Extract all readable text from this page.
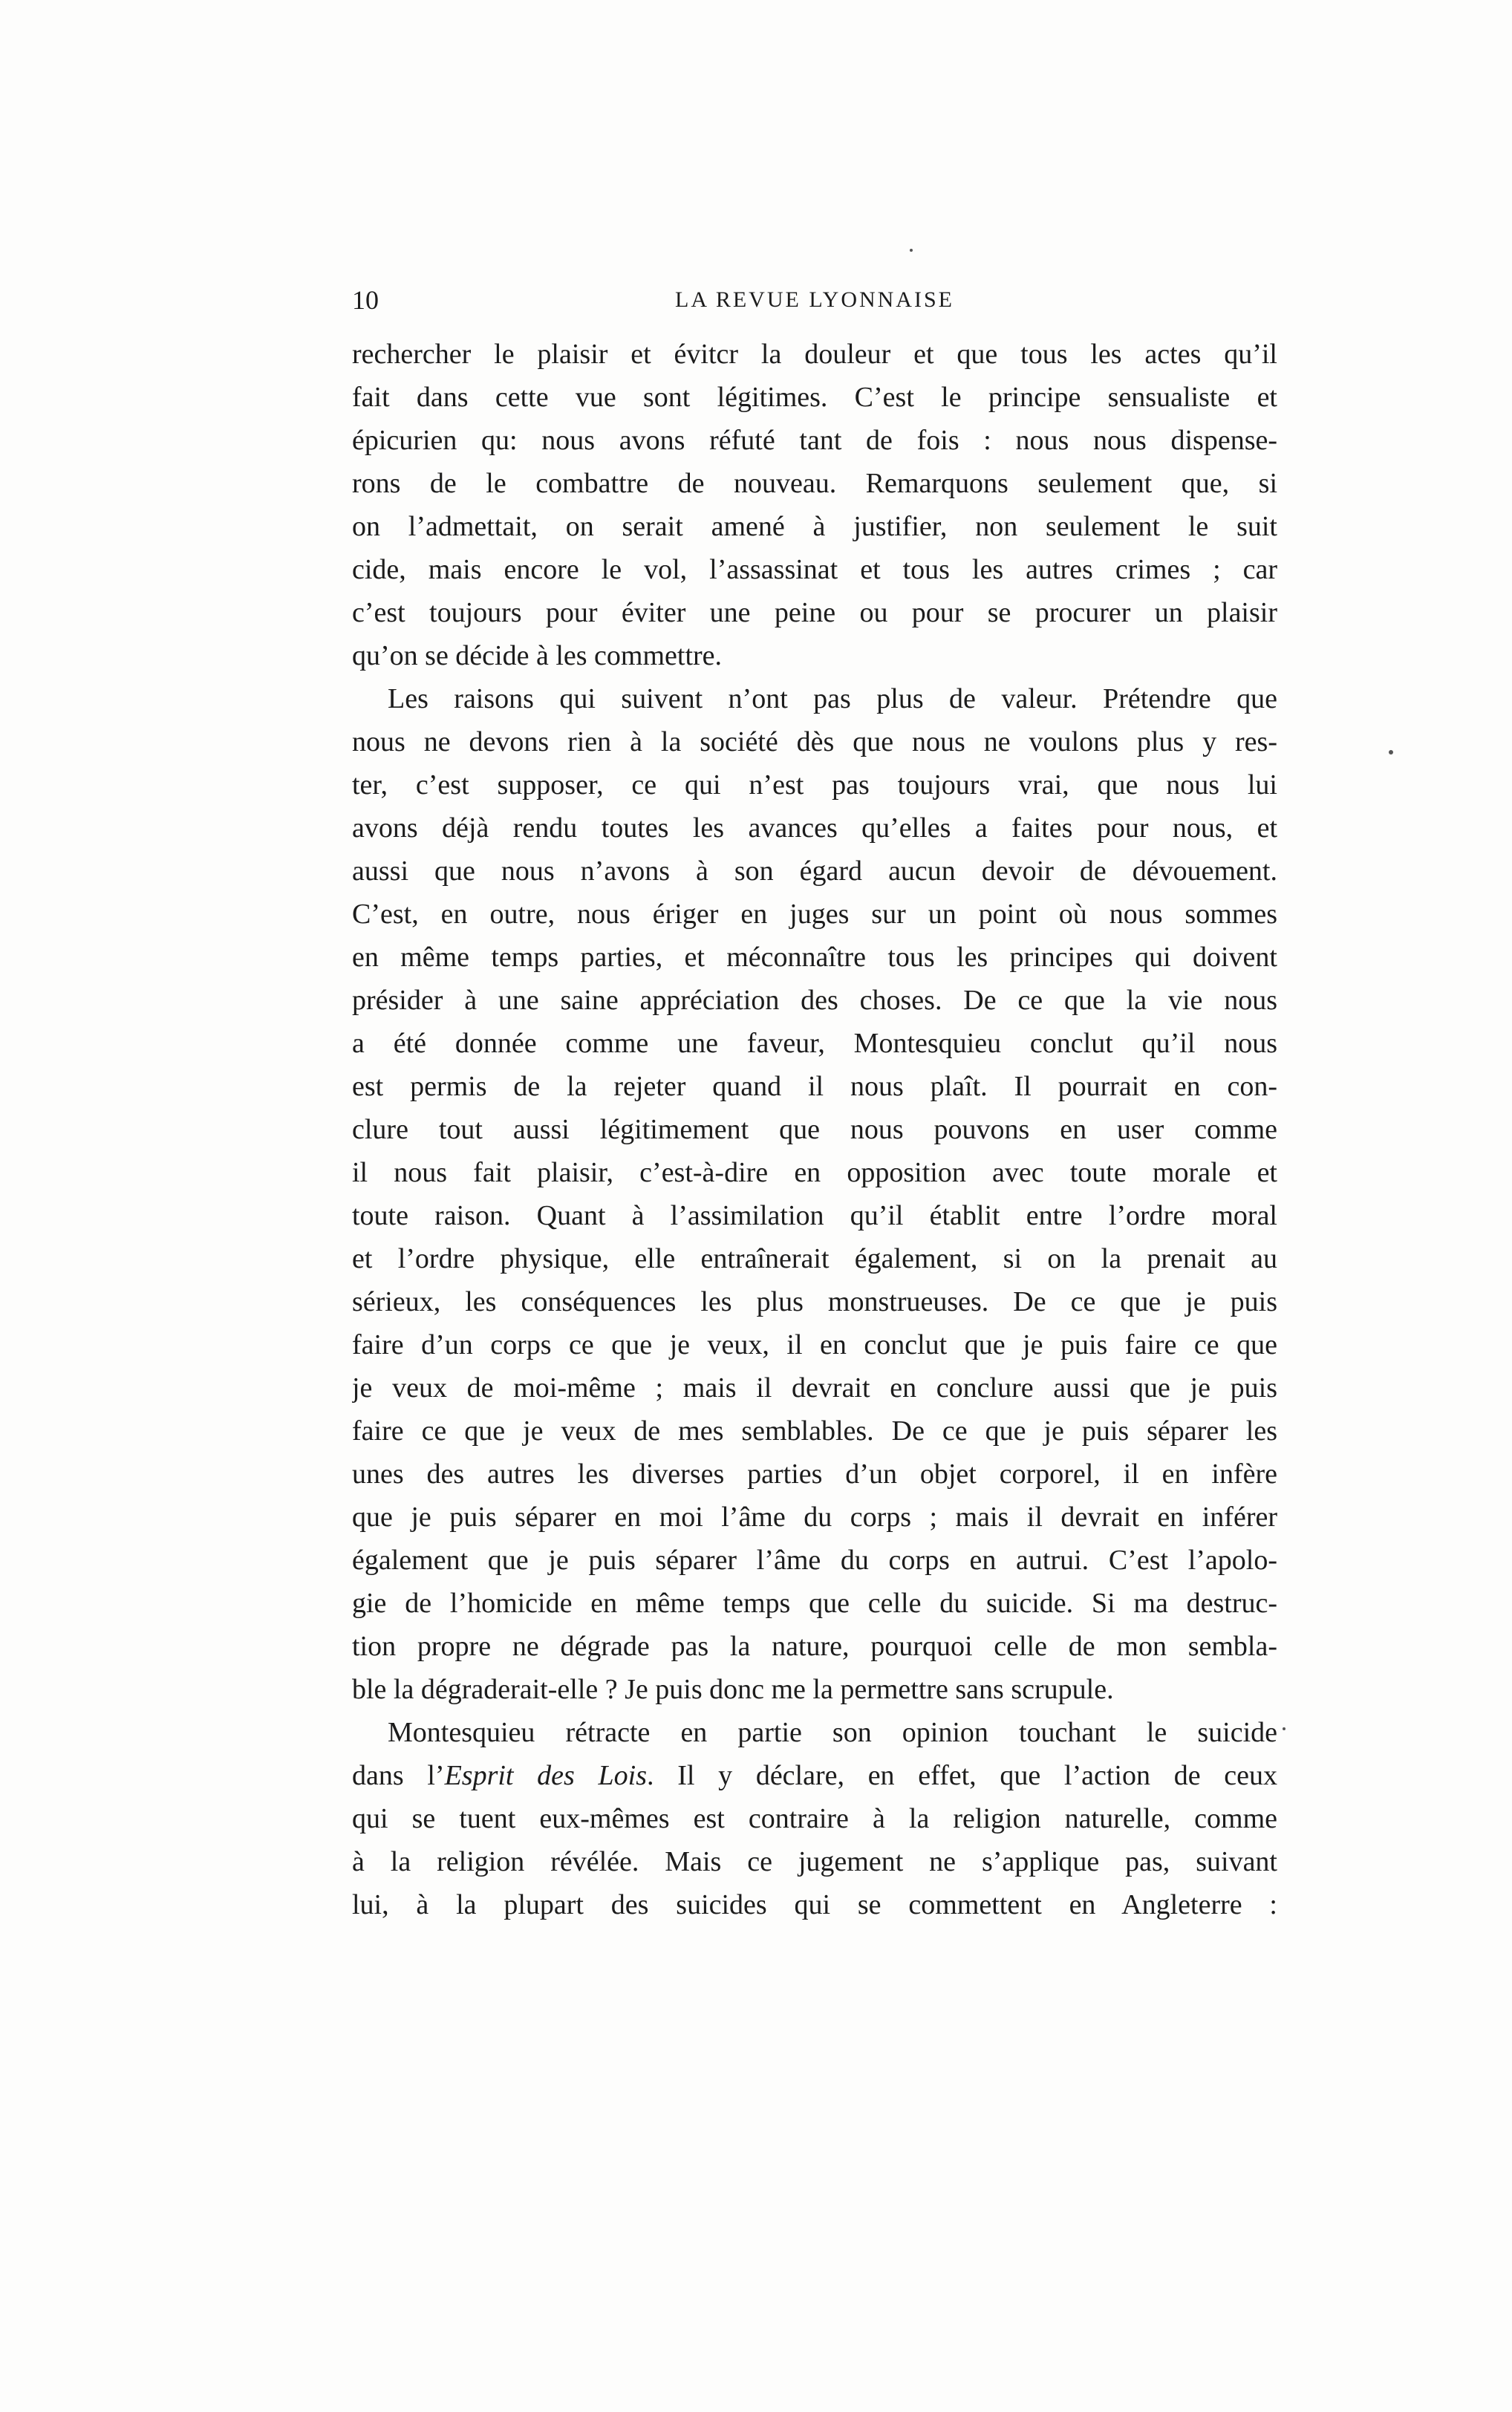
10	LA REVUE LYONNAISE
rechercher le plaisir et évitcr la douleur et que tous les actes qu’il
fait dans cette vue sont légitimes. C’est le principe sensualiste et
épicurien qu: nous avons réfuté tant de fois : nous nous dispense-
rons de le combattre de nouveau. Remarquons seulement que, si
on l’admettait, on serait amené à justifier, non seulement le suit
cide, mais encore le vol, l’assassinat et tous les autres crimes ; car
c’est toujours pour éviter une peine ou pour se procurer un plaisir
qu’on se décide à les commettre.
Les raisons qui suivent n’ont pas plus de valeur. Prétendre que
nous ne devons rien à la société dès que nous ne voulons plus y res-
ter, c’est supposer, ce qui n’est pas toujours vrai, que nous lui
avons déjà rendu toutes les avances qu’elles a faites pour nous, et
aussi que nous n’avons à son égard aucun devoir de dévouement.
C’est, en outre, nous ériger en juges sur un point où nous sommes
en même temps parties, et méconnaître tous les principes qui doivent
présider à une saine appréciation des choses. De ce que la vie nous
a été donnée comme une faveur, Montesquieu conclut qu’il nous
est permis de la rejeter quand il nous plaît. Il pourrait en con-
clure tout aussi légitimement que nous pouvons en user comme
il nous fait plaisir, c’est-à-dire en opposition avec toute morale et
toute raison. Quant à l’assimilation qu’il établit entre l’ordre moral
et l’ordre physique, elle entraînerait également, si on la prenait au
sérieux, les conséquences les plus monstrueuses. De ce que je puis
faire d’un corps ce que je veux, il en conclut que je puis faire ce que
je veux de moi-même ; mais il devrait en conclure aussi que je puis
faire ce que je veux de mes semblables. De ce que je puis séparer les
unes des autres les diverses parties d’un objet corporel, il en infère
que je puis séparer en moi l’âme du corps ; mais il devrait en inférer
également que je puis séparer l’âme du corps en autrui. C’est l’apolo-
gie de l’homicide en même temps que celle du suicide. Si ma destruc-
tion propre ne dégrade pas la nature, pourquoi celle de mon sembla-
ble la dégraderait-elle ? Je puis donc me la permettre sans scrupule.
Montesquieu rétracte en partie son opinion touchant le suicide
dans l’Esprit des Lois. Il y déclare, en effet, que l’action de ceux
qui se tuent eux-mêmes est contraire à la religion naturelle, comme
à la religion révélée. Mais ce jugement ne s’applique pas, suivant
lui, à la plupart des suicides qui se commettent en Angleterre :
